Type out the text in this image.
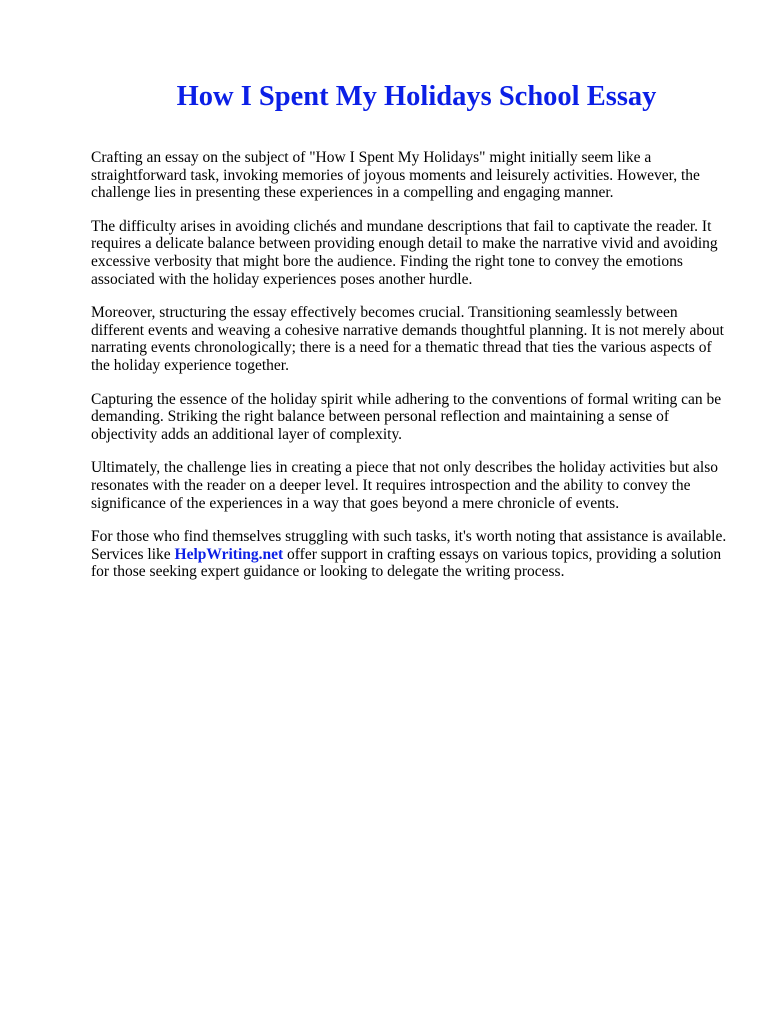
How I Spent My Holidays School Essay

Crafting an essay on the subject of "How I Spent My Holidays" might initially seem like a straightforward task, invoking memories of joyous moments and leisurely activities. However, the challenge lies in presenting these experiences in a compelling and engaging manner.

The difficulty arises in avoiding clichés and mundane descriptions that fail to captivate the reader. It requires a delicate balance between providing enough detail to make the narrative vivid and avoiding excessive verbosity that might bore the audience. Finding the right tone to convey the emotions associated with the holiday experiences poses another hurdle.

Moreover, structuring the essay effectively becomes crucial. Transitioning seamlessly between different events and weaving a cohesive narrative demands thoughtful planning. It is not merely about narrating events chronologically; there is a need for a thematic thread that ties the various aspects of the holiday experience together.

Capturing the essence of the holiday spirit while adhering to the conventions of formal writing can be demanding. Striking the right balance between personal reflection and maintaining a sense of objectivity adds an additional layer of complexity.

Ultimately, the challenge lies in creating a piece that not only describes the holiday activities but also resonates with the reader on a deeper level. It requires introspection and the ability to convey the significance of the experiences in a way that goes beyond a mere chronicle of events.

For those who find themselves struggling with such tasks, it's worth noting that assistance is available. Services like HelpWriting.net offer support in crafting essays on various topics, providing a solution for those seeking expert guidance or looking to delegate the writing process.
